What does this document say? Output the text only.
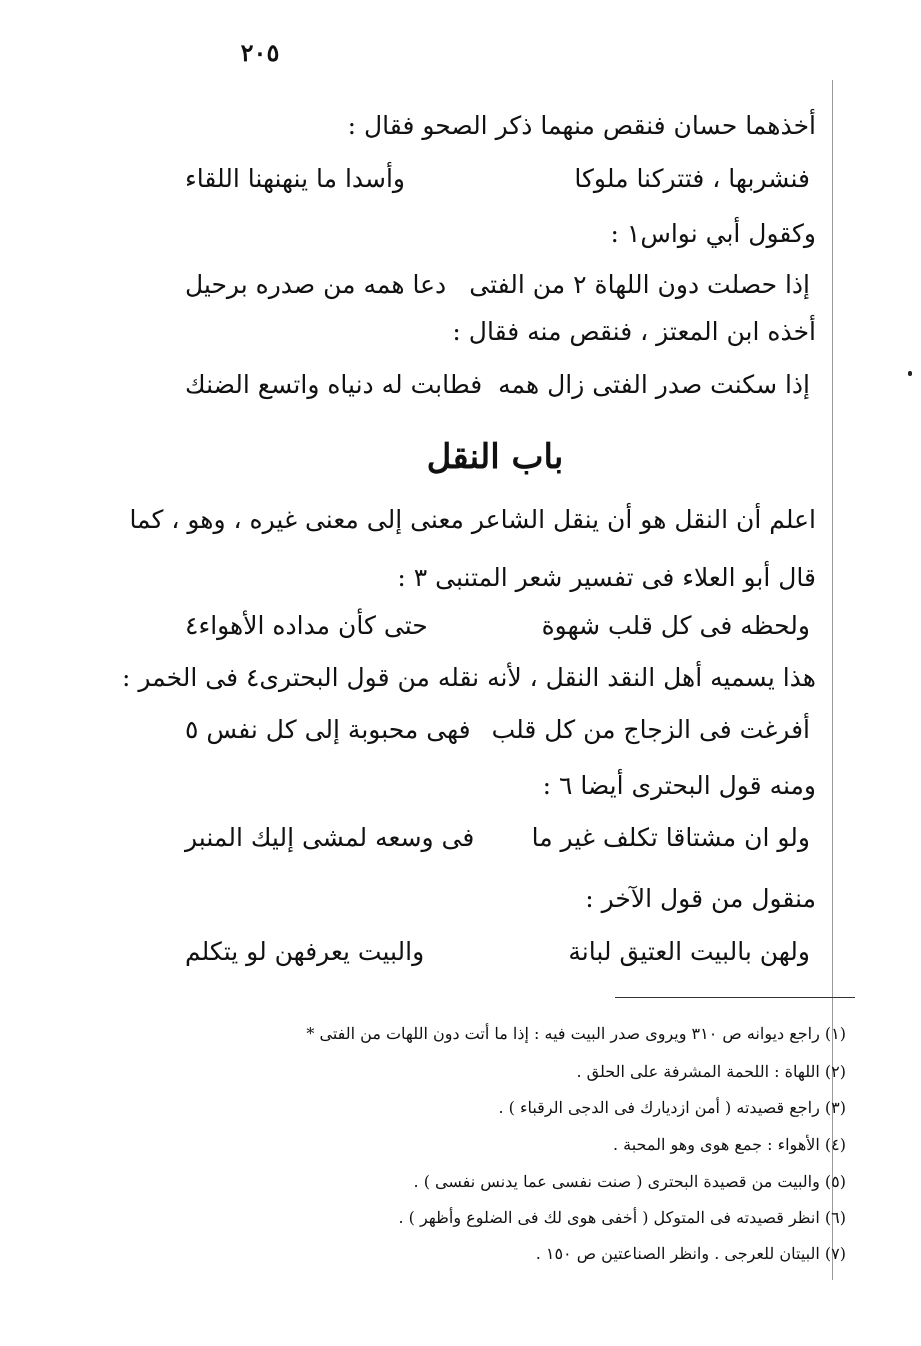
٢٠٥
أخذهما حسان فنقص منهما ذكر الصحو فقال :
فنشربها ، فتتركنا ملوكا
وأسدا ما ينهنهنا اللقاء
وكقول أبي نواس١ :
إذا حصلت دون اللهاة ٢ من الفتى
دعا همه من صدره برحيل
أخذه ابن المعتز ، فنقص منه فقال :
إذا سكنت صدر الفتى زال همه
فطابت له دنياه واتسع الضنك
باب النقل
اعلم أن النقل هو أن ينقل الشاعر معنى إلى معنى غيره ، وهو ، كما
قال أبو العلاء فى تفسير شعر المتنبى ٣ :
ولحظه فى كل قلب شهوة
حتى كأن مداده الأهواء٤
هذا يسميه أهل النقد النقل ، لأنه نقله من قول البحترى٤ فى الخمر :
أفرغت فى الزجاج من كل قلب
فهى محبوبة إلى كل نفس ٥
ومنه قول البحترى أيضا ٦ :
ولو ان مشتاقا تكلف غير ما
فى وسعه لمشى إليك المنبر
منقول من قول الآخر :
ولهن بالبيت العتيق لبانة
والبيت يعرفهن لو يتكلم
(١) راجع ديوانه ص ٣١٠ ويروى صدر البيت فيه : إذا ما أتت دون اللهات من الفتى *
(٢) اللهاة : اللحمة المشرفة على الحلق .
(٣) راجع قصيدته ( أمن ازديارك فى الدجى الرقباء ) .
(٤) الأهواء : جمع هوى وهو المحبة .
(٥) والبيت من قصيدة البحترى ( صنت نفسى عما يدنس نفسى ) .
(٦) انظر قصيدته فى المتوكل ( أخفى هوى لك فى الضلوع وأظهر ) .
(٧) البيتان للعرجى . وانظر الصناعتين ص ١٥٠ .
